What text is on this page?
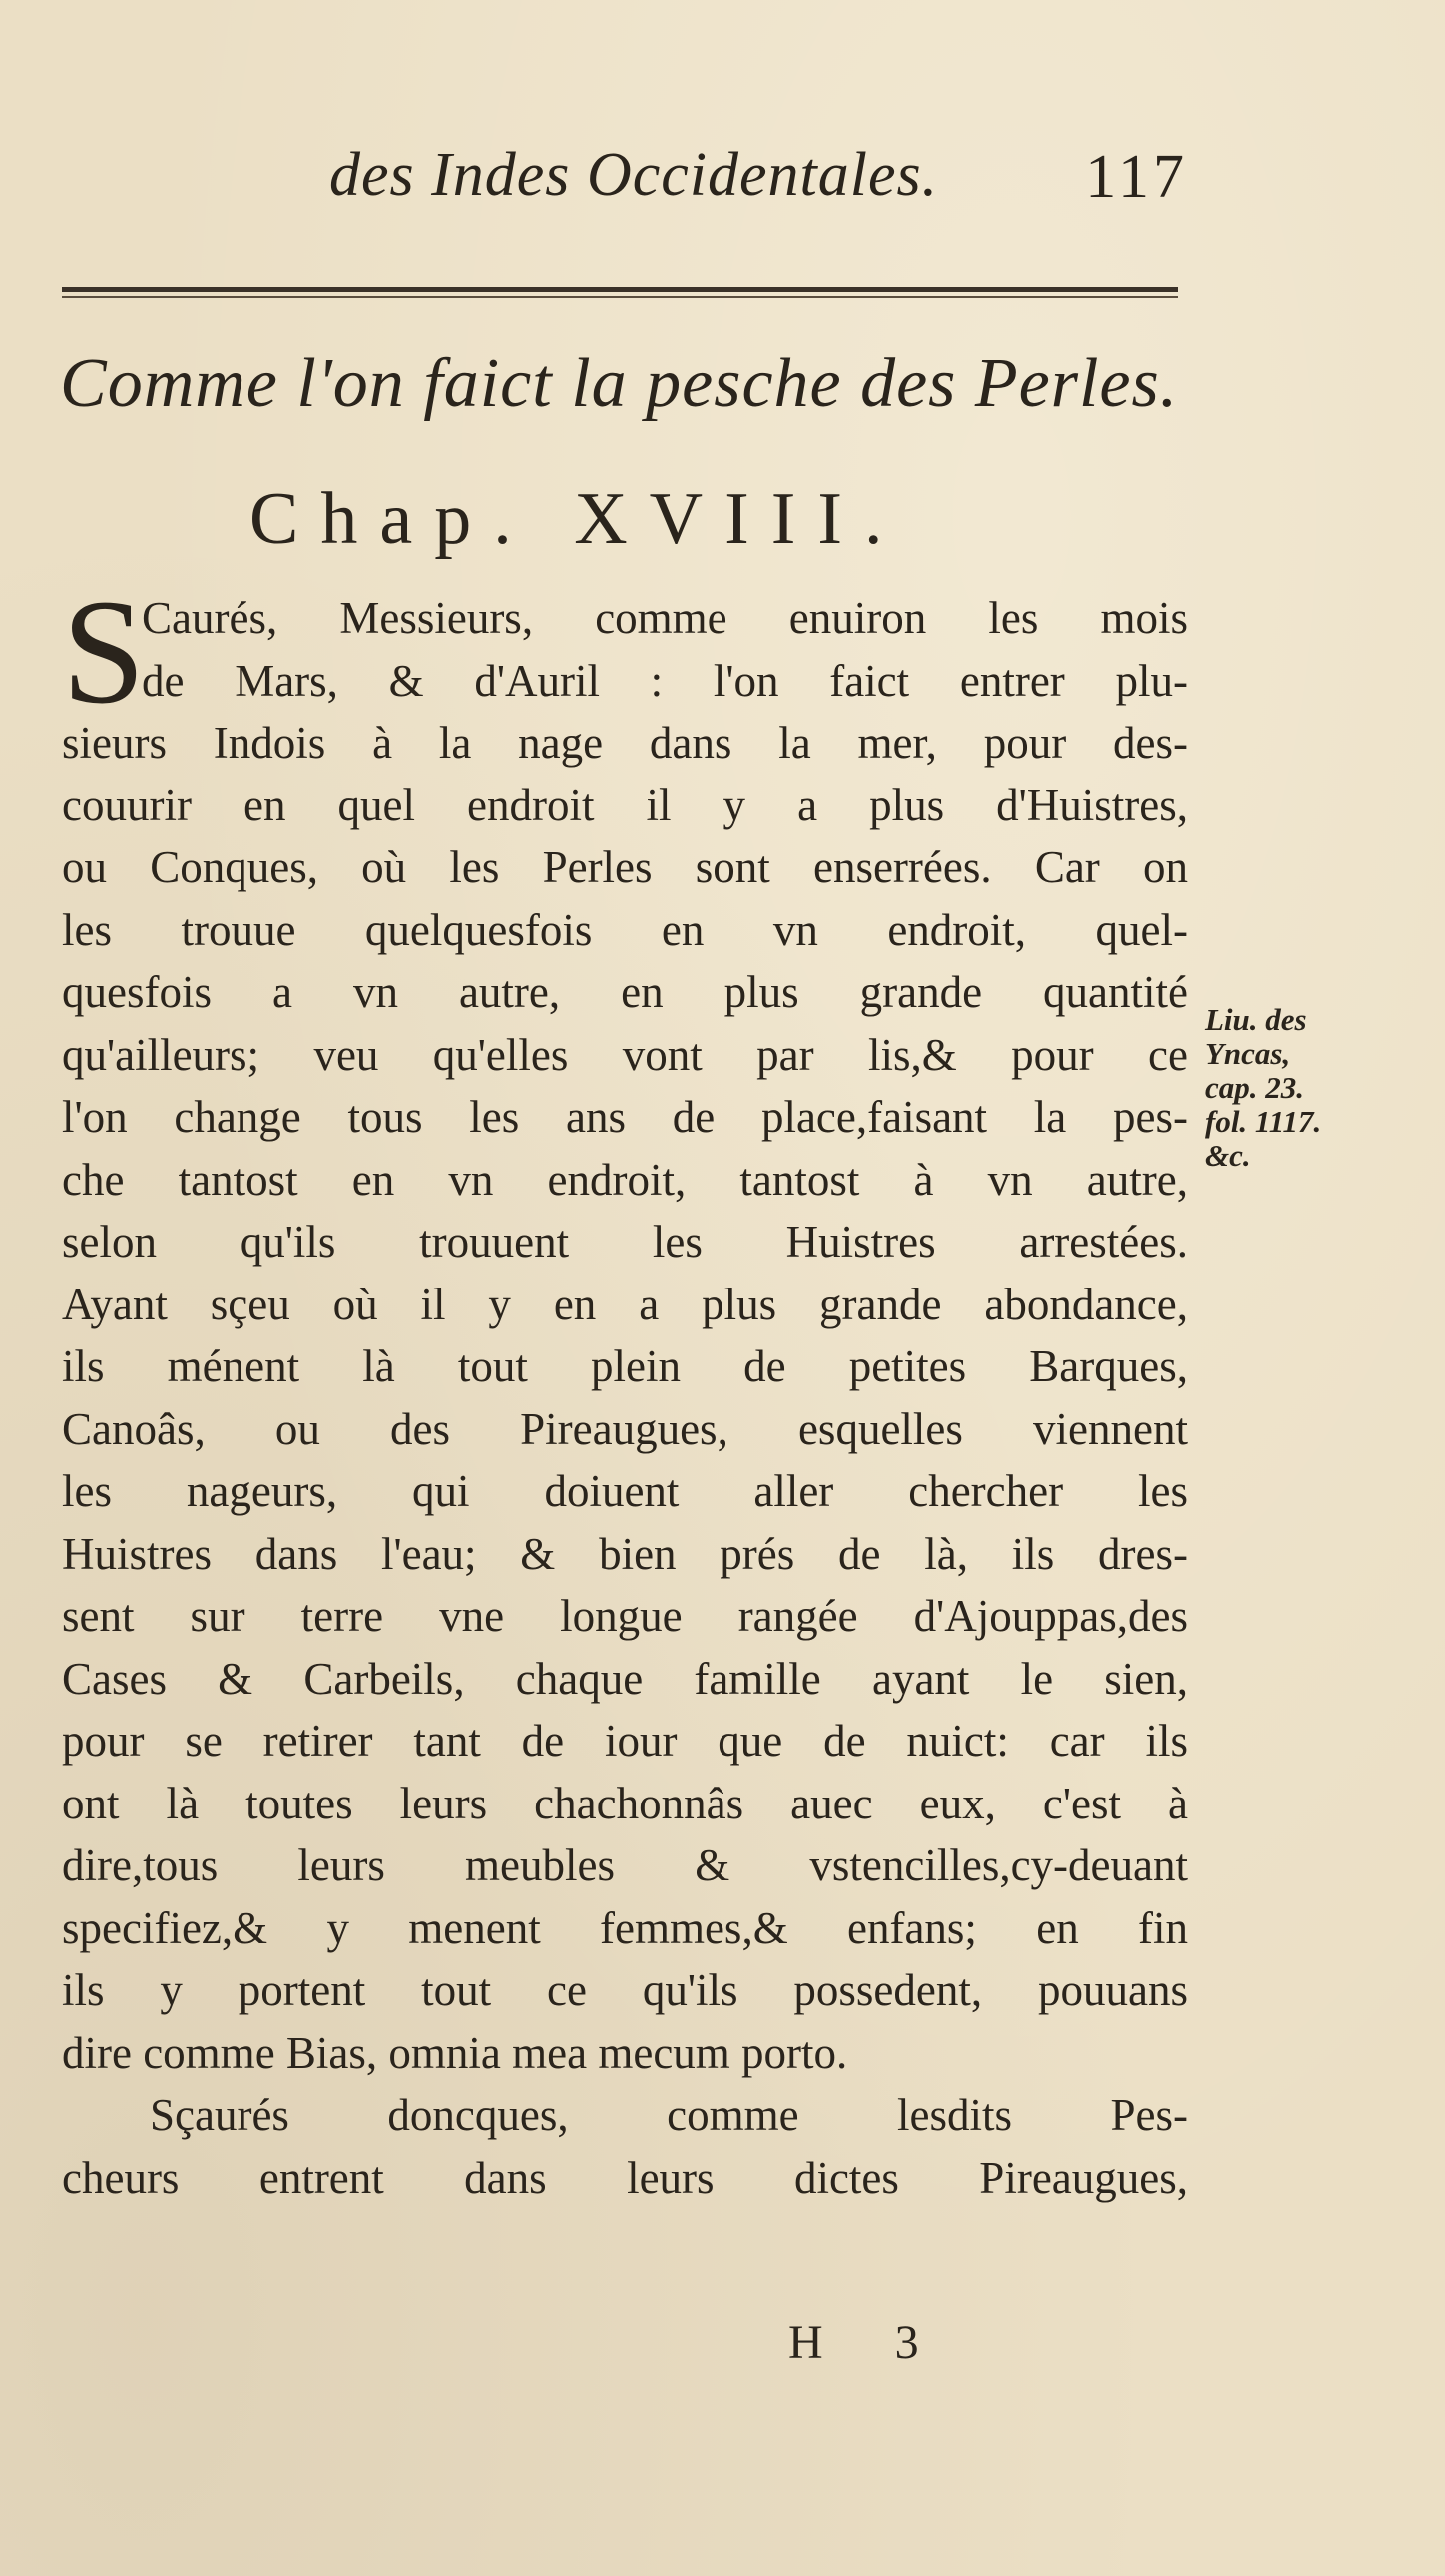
des Indes Occidentales. 117
Comme l'on faict la pesche des Perles.
Chap. XVIII.
S
Caurés, Messieurs, comme enuiron les mois
de Mars, & d'Auril : l'on faict entrer plu-
sieurs Indois à la nage dans la mer, pour des-
couurir en quel endroit il y a plus d'Huistres,
ou Conques, où les Perles sont enserrées. Car on
les trouue quelquesfois en vn endroit, quel-
quesfois a vn autre, en plus grande quantité
qu'ailleurs; veu qu'elles vont par lis,& pour ce
l'on change tous les ans de place,faisant la pes-
che tantost en vn endroit, tantost à vn autre,
selon qu'ils trouuent les Huistres arrestées.
Ayant sçeu où il y en a plus grande abondance,
ils ménent là tout plein de petites Barques,
Canoâs, ou des Pireaugues, esquelles viennent
les nageurs, qui doiuent aller chercher les
Huistres dans l'eau; & bien prés de là, ils dres-
sent sur terre vne longue rangée d'Ajouppas,des
Cases & Carbeils, chaque famille ayant le sien,
pour se retirer tant de iour que de nuict: car ils
ont là toutes leurs chachonnâs auec eux, c'est à
dire,tous leurs meubles & vstencilles,cy-deuant
specifiez,& y menent femmes,& enfans; en fin
ils y portent tout ce qu'ils possedent, pouuans
dire comme Bias, omnia mea mecum porto.
Sçaurés doncques, comme lesdits Pes-
cheurs entrent dans leurs dictes Pireaugues,
Liu. des
Yncas,
cap. 23.
fol. 1117.
&c.
H 3
